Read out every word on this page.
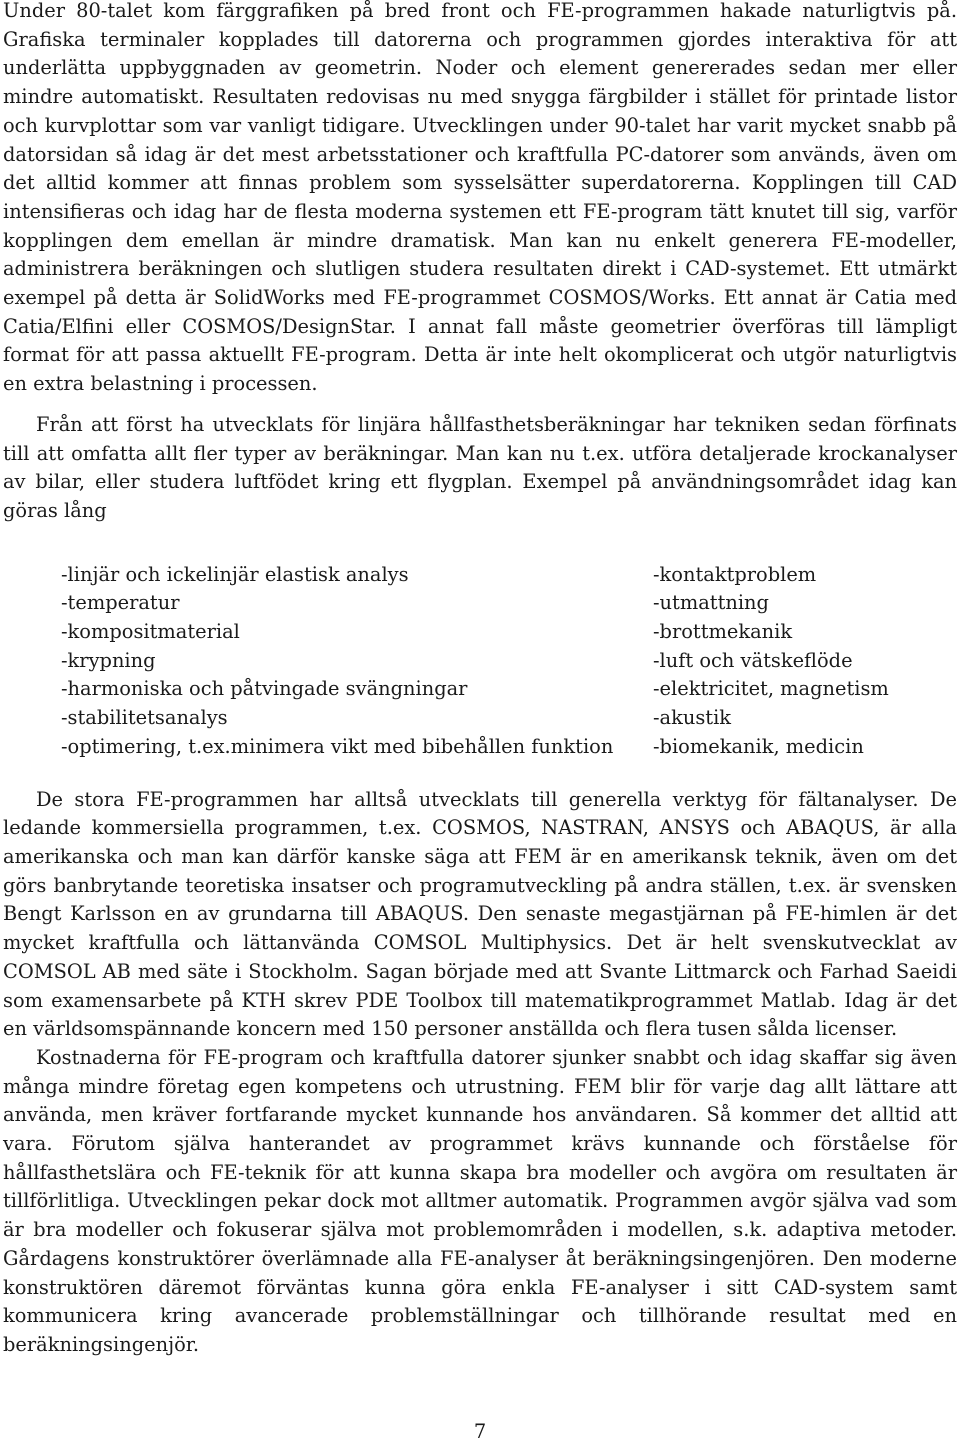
Under 80-talet kom färggrafiken på bred front och FE-programmen hakade naturligtvis på. Grafiska terminaler kopplades till datorerna och programmen gjordes interaktiva för att underlätta uppbyggnaden av geometrin. Noder och element genererades sedan mer eller mindre automatiskt. Resultaten redovisas nu med snygga färgbilder i stället för printade listor och kurvplottar som var vanligt tidigare. Utvecklingen under 90-talet har varit mycket snabb på datorsidan så idag är det mest arbetsstationer och kraftfulla PC-datorer som används, även om det alltid kommer att finnas problem som sysselsätter superdatorerna. Kopplingen till CAD intensifieras och idag har de flesta moderna systemen ett FE-program tätt knutet till sig, varför kopplingen dem emellan är mindre dramatisk. Man kan nu enkelt generera FE-modeller, administrera beräkningen och slutligen studera resultaten direkt i CAD-systemet. Ett utmärkt exempel på detta är SolidWorks med FE-programmet COSMOS/Works. Ett annat är Catia med Catia/Elfini eller COSMOS/DesignStar. I annat fall måste geometrier överföras till lämpligt format för att passa aktuellt FE-program. Detta är inte helt okomplicerat och utgör naturligtvis en extra belastning i processen.

Från att först ha utvecklats för linjära hållfasthetsberäkningar har tekniken sedan förfinats till att omfatta allt fler typer av beräkningar. Man kan nu t.ex. utföra detaljerade krockanalyser av bilar, eller studera luftfödet kring ett flygplan. Exempel på användningsområdet idag kan göras lång

-linjär och ickelinjär elastisk analys
-temperatur
-kompositmaterial
-krypning
-harmoniska och påtvingade svängningar
-stabilitetsanalys
-optimering, t.ex.minimera vikt med bibehållen funktion
-kontaktproblem
-utmattning
-brottmekanik
-luft och vätskeflöde
-elektricitet, magnetism
-akustik
-biomekanik, medicin

De stora FE-programmen har alltså utvecklats till generella verktyg för fältanalyser. De ledande kommersiella programmen, t.ex. COSMOS, NASTRAN, ANSYS och ABAQUS, är alla amerikanska och man kan därför kanske säga att FEM är en amerikansk teknik, även om det görs banbrytande teoretiska insatser och programutveckling på andra ställen, t.ex. är svensken Bengt Karlsson en av grundarna till ABAQUS. Den senaste megastjärnan på FE-himlen är det mycket kraftfulla och lättanvända COMSOL Multiphysics. Det är helt svenskutvecklat av COMSOL AB med säte i Stockholm. Sagan började med att Svante Littmarck och Farhad Saeidi som examensarbete på KTH skrev PDE Toolbox till matematikprogrammet Matlab. Idag är det en världsomspännande koncern med 150 personer anställda och flera tusen sålda licenser.

Kostnaderna för FE-program och kraftfulla datorer sjunker snabbt och idag skaffar sig även många mindre företag egen kompetens och utrustning. FEM blir för varje dag allt lättare att använda, men kräver fortfarande mycket kunnande hos användaren. Så kommer det alltid att vara. Förutom själva hanterandet av programmet krävs kunnande och förståelse för hållfasthetslära och FE-teknik för att kunna skapa bra modeller och avgöra om resultaten är tillförlitliga. Utvecklingen pekar dock mot alltmer automatik. Programmen avgör själva vad som är bra modeller och fokuserar själva mot problemområden i modellen, s.k. adaptiva metoder. Gårdagens konstruktörer överlämnade alla FE-analyser åt beräkningsingenjören. Den moderne konstruktören däremot förväntas kunna göra enkla FE-analyser i sitt CAD-system samt kommunicera kring avancerade problemställningar och tillhörande resultat med en beräkningsingenjör.

7
